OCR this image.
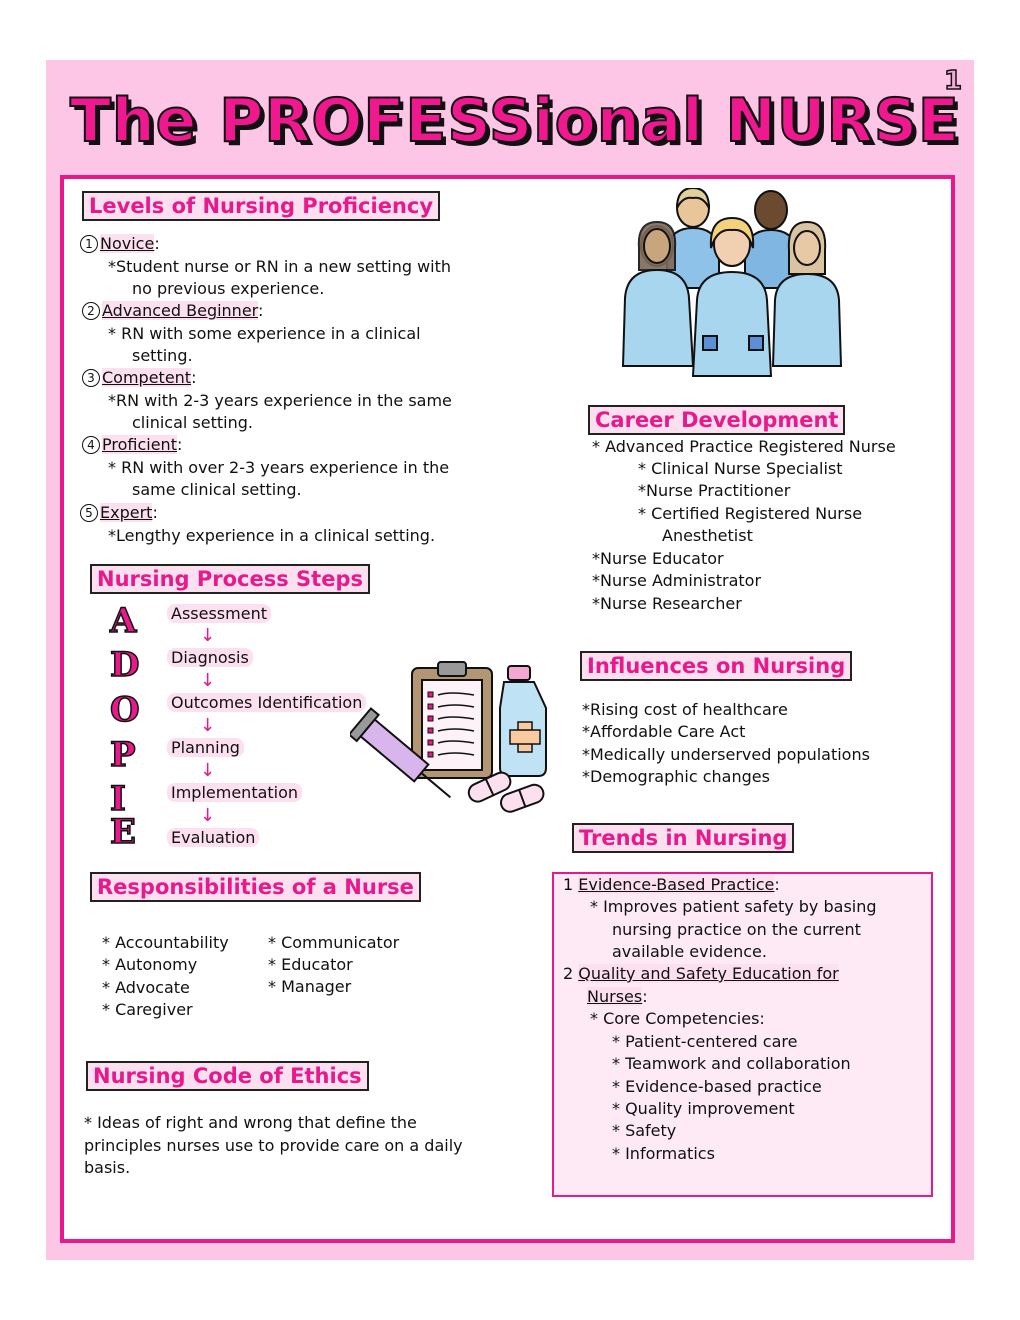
1
The PROFESSional NURSE
Levels of Nursing Proficiency
1 Novice:
*Student nurse or RN in a new setting with
no previous experience.
2 Advanced Beginner:
* RN with some experience in a clinical
setting.
3 Competent:
*RN with 2-3 years experience in the same
clinical setting.
4 Proficient:
* RN with over 2-3 years experience in the
same clinical setting.
5 Expert:
*Lengthy experience in a clinical setting.
Career Development
* Advanced Practice Registered Nurse
* Clinical Nurse Specialist
*Nurse Practitioner
* Certified Registered Nurse
Anesthetist
*Nurse Educator
*Nurse Administrator
*Nurse Researcher
Nursing Process Steps
A
D
O
P
I
E
Assessment
↓
Diagnosis
↓
Outcomes Identification
↓
Planning
↓
Implementation
↓
Evaluation
Influences on Nursing
*Rising cost of healthcare
*Affordable Care Act
*Medically underserved populations
*Demographic changes
Trends in Nursing
1 Evidence-Based Practice:
* Improves patient safety by basing
nursing practice on the current
available evidence.
2 Quality and Safety Education for
Nurses:
* Core Competencies:
* Patient-centered care
* Teamwork and collaboration
* Evidence-based practice
* Quality improvement
* Safety
* Informatics
Responsibilities of a Nurse
* Accountability
* Autonomy
* Advocate
* Caregiver
* Communicator
* Educator
* Manager
Nursing Code of Ethics
* Ideas of right and wrong that define the
principles nurses use to provide care on a daily
basis.
